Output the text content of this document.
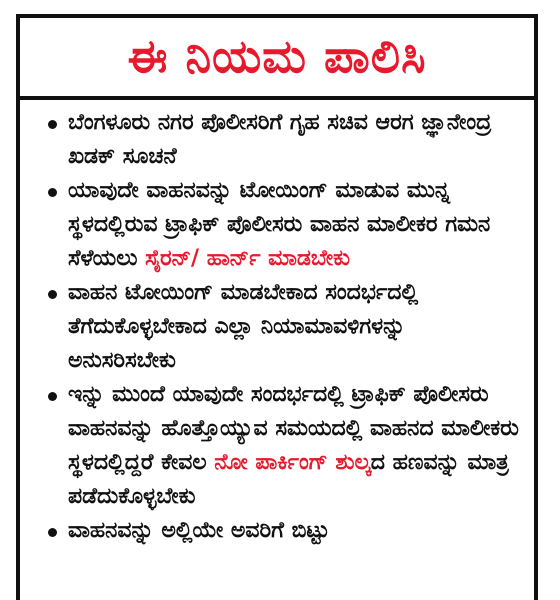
ಈ ನಿಯಮ ಪಾಲಿಸಿ
ಬೆಂಗಳೂರು ನಗರ ಪೊಲೀಸರಿಗೆ ಗೃಹ ಸಚಿವ ಆರಗ ಜ್ಞಾನೇಂದ್ರ ಖಡಕ್ ಸೂಚನೆ
ಯಾವುದೇ ವಾಹನವನ್ನು ಟೋಯಿಂಗ್ ಮಾಡುವ ಮುನ್ನ ಸ್ಥಳದಲ್ಲಿರುವ ಟ್ರಾಫಿಕ್ ಪೊಲೀಸರು ವಾಹನ ಮಾಲೀಕರ ಗಮನ ಸೆಳೆಯಲು ಸೈರನ್/ ಹಾರ್ನ್ ಮಾಡಬೇಕು
ವಾಹನ ಟೋಯಿಂಗ್ ಮಾಡಬೇಕಾದ ಸಂದರ್ಭದಲ್ಲಿ ತೆಗೆದುಕೊಳ್ಳಬೇಕಾದ ಎಲ್ಲಾ ನಿಯಾಮಾವಳಿಗಳನ್ನು ಅನುಸರಿಸಬೇಕು
ಇನ್ನು ಮುಂದೆ ಯಾವುದೇ ಸಂದರ್ಭದಲ್ಲಿ ಟ್ರಾಫಿಕ್ ಪೊಲೀಸರು ವಾಹನವನ್ನು ಹೊತ್ತೊಯ್ಯುವ ಸಮಯದಲ್ಲಿ ವಾಹನದ ಮಾಲೀಕರು ಸ್ಥಳದಲ್ಲಿದ್ದರೆ ಕೇವಲ ನೋ ಪಾರ್ಕಿಂಗ್ ಶುಲ್ಕದ ಹಣವನ್ನು ಮಾತ್ರ ಪಡೆದುಕೊಳ್ಳಬೇಕು
ವಾಹನವನ್ನು ಅಲ್ಲಿಯೇ ಅವರಿಗೆ ಬಿಟ್ಟು
